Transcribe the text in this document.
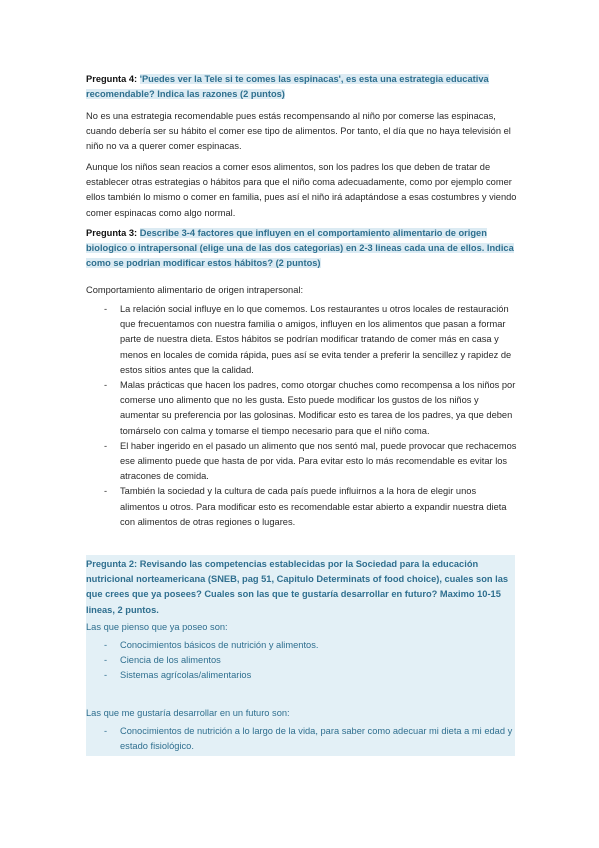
Pregunta 4: 'Puedes ver la Tele si te comes las espinacas', es esta una estrategia educativa recomendable? Indica las razones (2 puntos)

No es una estrategia recomendable pues estás recompensando al niño por comerse las espinacas, cuando debería ser su hábito el comer ese tipo de alimentos. Por tanto, el día que no haya televisión el niño no va a querer comer espinacas.

Aunque los niños sean reacios a comer esos alimentos, son los padres los que deben de tratar de establecer otras estrategias o hábitos para que el niño coma adecuadamente, como por ejemplo comer ellos también lo mismo o comer en familia, pues así el niño irá adaptándose a esas costumbres y viendo comer espinacas como algo normal.

Pregunta 3: Describe 3-4 factores que influyen en el comportamiento alimentario de origen biologico o intrapersonal (elige una de las dos categorias) en 2-3 lineas cada una de ellos. Indica como se podrian modificar estos hábitos? (2 puntos)

Comportamiento alimentario de origen intrapersonal:

- La relación social influye en lo que comemos. Los restaurantes u otros locales de restauración que frecuentamos con nuestra familia o amigos, influyen en los alimentos que pasan a formar parte de nuestra dieta. Estos hábitos se podrían modificar tratando de comer más en casa y menos en locales de comida rápida, pues así se evita tender a preferir la sencillez y rapidez de estos sitios antes que la calidad.
- Malas prácticas que hacen los padres, como otorgar chuches como recompensa a los niños por comerse uno alimento que no les gusta. Esto puede modificar los gustos de los niños y aumentar su preferencia por las golosinas. Modificar esto es tarea de los padres, ya que deben tomárselo con calma y tomarse el tiempo necesario para que el niño coma.
- El haber ingerido en el pasado un alimento que nos sentó mal, puede provocar que rechacemos ese alimento puede que hasta de por vida. Para evitar esto lo más recomendable es evitar los atracones de comida.
- También la sociedad y la cultura de cada país puede influirnos a la hora de elegir unos alimentos u otros. Para modificar esto es recomendable estar abierto a expandir nuestra dieta con alimentos de otras regiones o lugares.

Pregunta 2: Revisando las competencias establecidas por la Sociedad para la educación nutricional norteamericana (SNEB, pag 51, Capitulo Determinats of food choice), cuales son las que crees que ya posees? Cuales son las que te gustaría desarrollar en futuro? Maximo 10-15 lineas, 2 puntos.

Las que pienso que ya poseo son:

- Conocimientos básicos de nutrición y alimentos.
- Ciencia de los alimentos
- Sistemas agrícolas/alimentarios

Las que me gustaría desarrollar en un futuro son:

- Conocimientos de nutrición a lo largo de la vida, para saber como adecuar mi dieta a mi edad y estado fisiológico.
